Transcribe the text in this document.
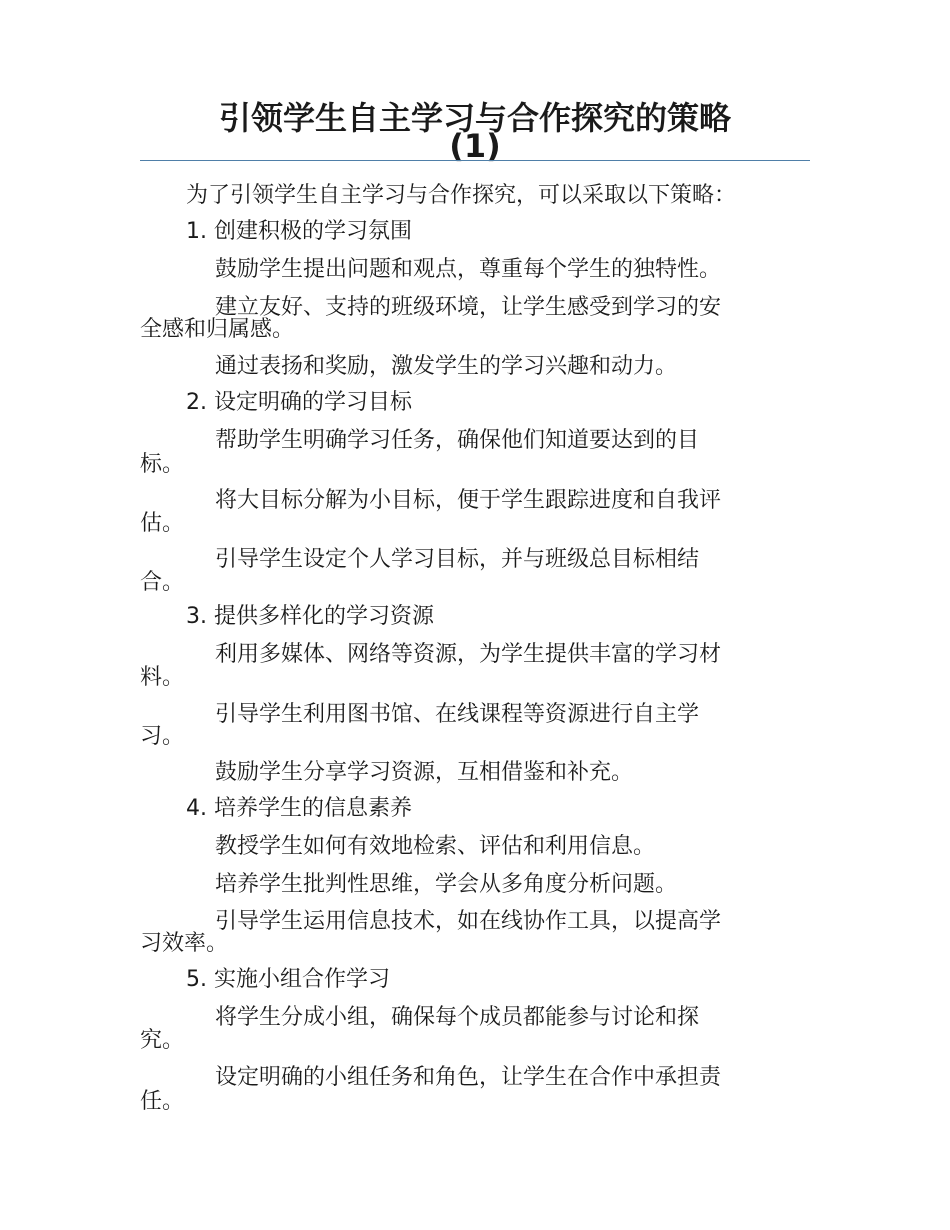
引领学生自主学习与合作探究的策略
(1)
为了引领学生自主学习与合作探究，可以采取以下策略：
1. 创建积极的学习氛围
鼓励学生提出问题和观点，尊重每个学生的独特性。
建立友好、支持的班级环境，让学生感受到学习的安
全感和归属感。
通过表扬和奖励，激发学生的学习兴趣和动力。
2. 设定明确的学习目标
帮助学生明确学习任务，确保他们知道要达到的目
标。
将大目标分解为小目标，便于学生跟踪进度和自我评
估。
引导学生设定个人学习目标，并与班级总目标相结
合。
3. 提供多样化的学习资源
利用多媒体、网络等资源，为学生提供丰富的学习材
料。
引导学生利用图书馆、在线课程等资源进行自主学
习。
鼓励学生分享学习资源，互相借鉴和补充。
4. 培养学生的信息素养
教授学生如何有效地检索、评估和利用信息。
培养学生批判性思维，学会从多角度分析问题。
引导学生运用信息技术，如在线协作工具，以提高学
习效率。
5. 实施小组合作学习
将学生分成小组，确保每个成员都能参与讨论和探
究。
设定明确的小组任务和角色，让学生在合作中承担责
任。
